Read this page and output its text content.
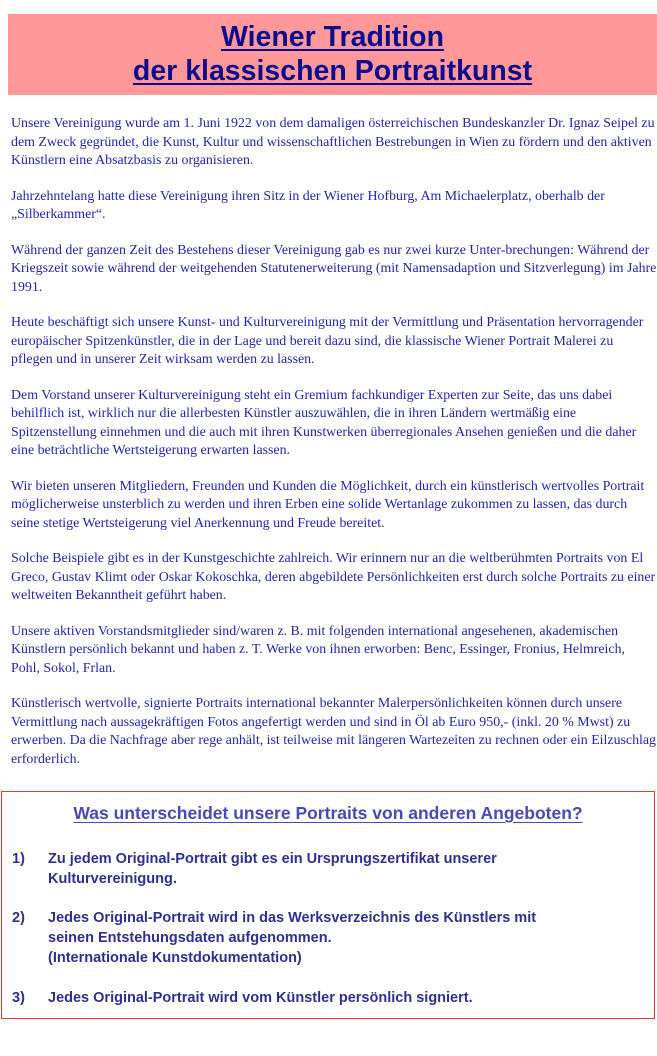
Wiener Tradition
der klassischen Portraitkunst

Unsere Vereinigung wurde am 1. Juni 1922 von dem damaligen österreichischen Bundeskanzler Dr. Ignaz Seipel zu dem Zweck gegründet, die Kunst, Kultur und wissenschaftlichen Bestrebungen in Wien zu fördern und den aktiven Künstlern eine Absatzbasis zu organisieren.

Jahrzehntelang hatte diese Vereinigung ihren Sitz in der Wiener Hofburg, Am Michaelerplatz, oberhalb der „Silberkammer“.

Während der ganzen Zeit des Bestehens dieser Vereinigung gab es nur zwei kurze Unter-brechungen: Während der Kriegszeit sowie während der weitgehenden Statutenerweiterung (mit Namensadaption und Sitzverlegung) im Jahre 1991.

Heute beschäftigt sich unsere Kunst- und Kulturvereinigung mit der Vermittlung und Präsentation hervorragender europäischer Spitzenkünstler, die in der Lage und bereit dazu sind, die klassische Wiener Portrait Malerei zu pflegen und in unserer Zeit wirksam werden zu lassen.

Dem Vorstand unserer Kulturvereinigung steht ein Gremium fachkundiger Experten zur Seite, das uns dabei behilflich ist, wirklich nur die allerbesten Künstler auszuwählen, die in ihren Ländern wertmäßig eine Spitzenstellung einnehmen und die auch mit ihren Kunstwerken überregionales Ansehen genießen und die daher eine beträchtliche Wertsteigerung erwarten lassen.

Wir bieten unseren Mitgliedern, Freunden und Kunden die Möglichkeit, durch ein künstlerisch wertvolles Portrait möglicherweise unsterblich zu werden und ihren Erben eine solide Wertanlage zukommen zu lassen, das durch seine stetige Wertsteigerung viel Anerkennung und Freude bereitet.

Solche Beispiele gibt es in der Kunstgeschichte zahlreich. Wir erinnern nur an die weltberühmten Portraits von El Greco, Gustav Klimt oder Oskar Kokoschka, deren abgebildete Persönlichkeiten erst durch solche Portraits zu einer weltweiten Bekanntheit geführt haben.

Unsere aktiven Vorstandsmitglieder sind/waren z. B. mit folgenden international angesehenen, akademischen Künstlern persönlich bekannt und haben z. T. Werke von ihnen erworben: Benc, Essinger, Fronius, Helmreich, Pohl, Sokol, Frlan.

Künstlerisch wertvolle, signierte Portraits international bekannter Malerpersönlichkeiten können durch unsere Vermittlung nach aussagekräftigen Fotos angefertigt werden und sind in Öl ab Euro 950,- (inkl. 20 % Mwst) zu erwerben. Da die Nachfrage aber rege anhält, ist teilweise mit längeren Wartezeiten zu rechnen oder ein Eilzuschlag erforderlich.

Was unterscheidet unsere Portraits von anderen Angeboten?
1) Zu jedem Original-Portrait gibt es ein Ursprungszertifikat unserer
Kulturvereinigung.
2) Jedes Original-Portrait wird in das Werksverzeichnis des Künstlers mit
seinen Entstehungsdaten aufgenommen.
(Internationale Kunstdokumentation)
3) Jedes Original-Portrait wird vom Künstler persönlich signiert.
